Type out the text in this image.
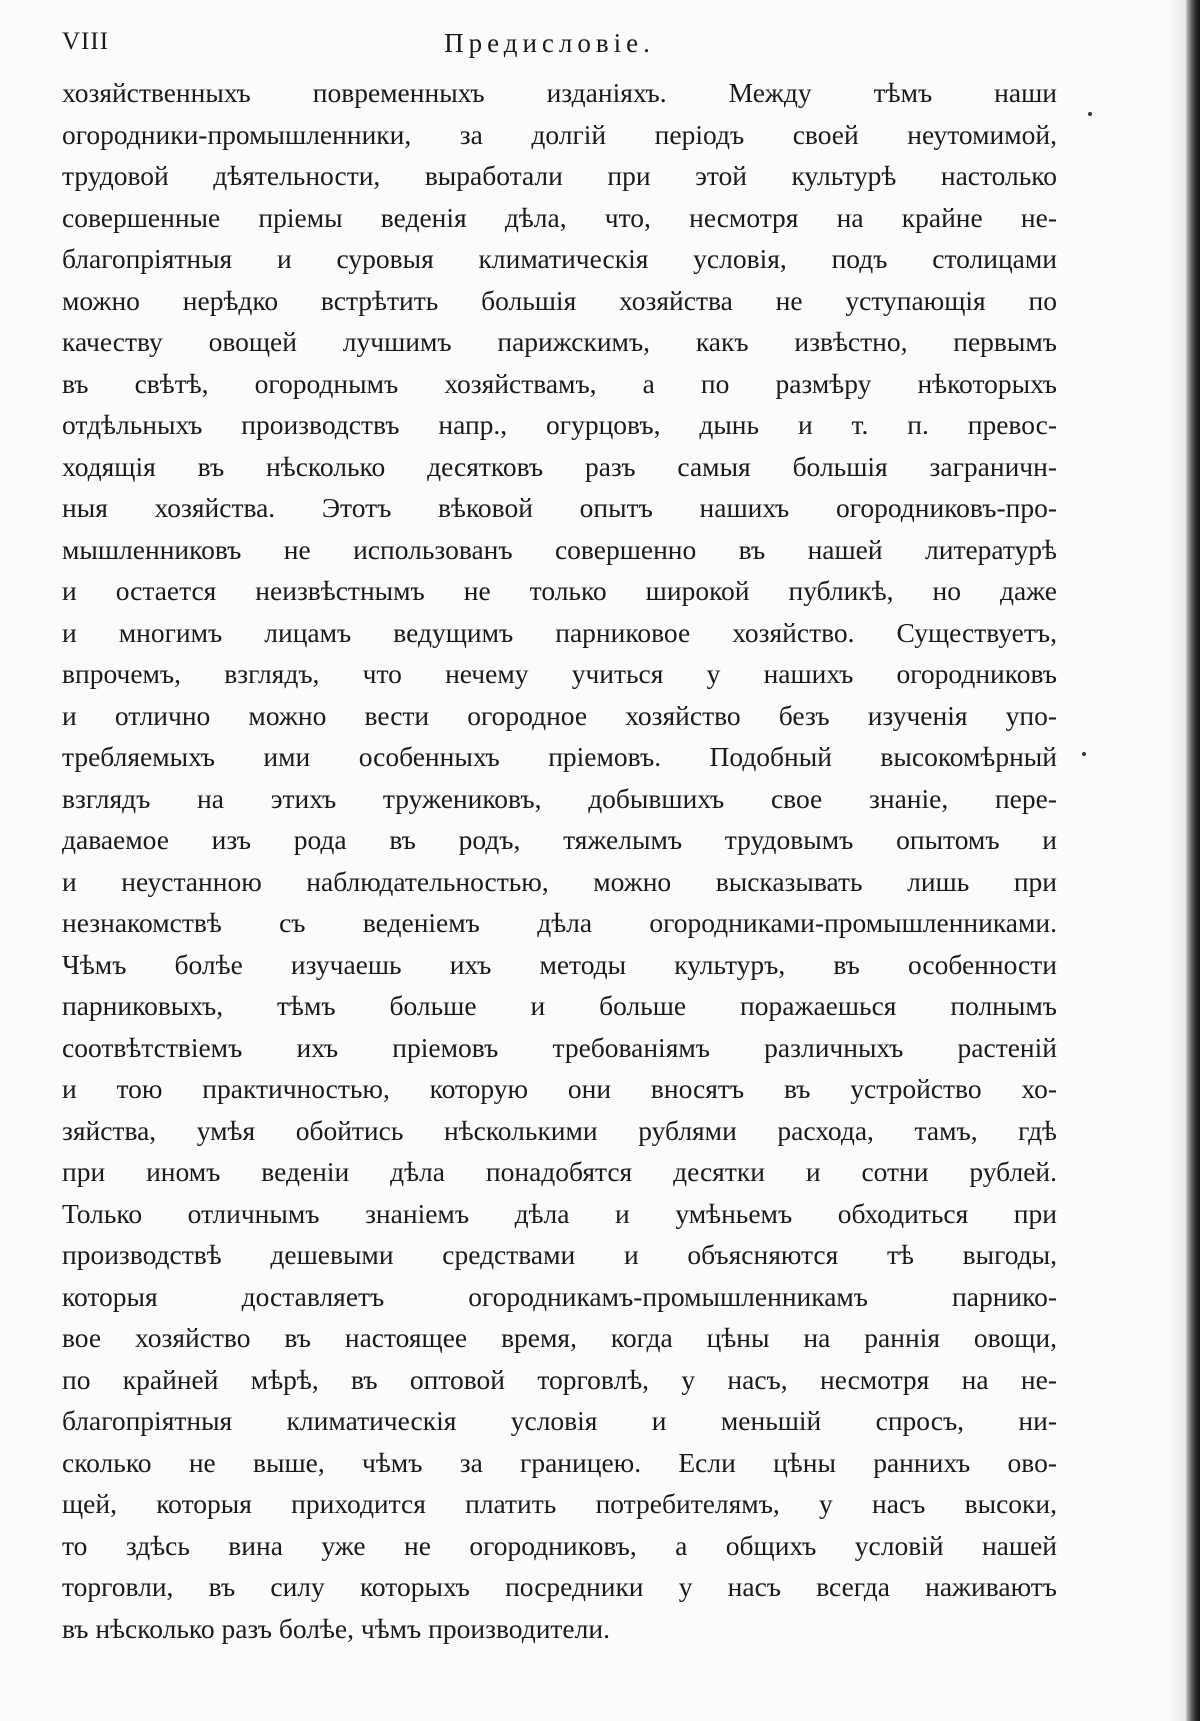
VIII	Предисловіе.
хозяйственныхъ повременныхъ изданіяхъ. Между тѣмъ наши
огородники-промышленники, за долгій періодъ своей неутомимой,
трудовой дѣятельности, выработали при этой культурѣ настолько
совершенные пріемы веденія дѣла, что, несмотря на крайне не-
благопріятныя и суровыя климатическія условія, подъ столицами
можно нерѣдко встрѣтить большія хозяйства не уступающія по
качеству овощей лучшимъ парижскимъ, какъ извѣстно, первымъ
въ свѣтѣ, огороднымъ хозяйствамъ, а по размѣру нѣкоторыхъ
отдѣльныхъ производствъ напр., огурцовъ, дынь и т. п. превос-
ходящія въ нѣсколько десятковъ разъ самыя большія заграничн-
ныя хозяйства. Этотъ вѣковой опытъ нашихъ огородниковъ-про-
мышленниковъ не использованъ совершенно въ нашей литературѣ
и остается неизвѣстнымъ не только широкой публикѣ, но даже
и многимъ лицамъ ведущимъ парниковое хозяйство. Существуетъ,
впрочемъ, взглядъ, что нечему учиться у нашихъ огородниковъ
и отлично можно вести огородное хозяйство безъ изученія упо-
требляемыхъ ими особенныхъ пріемовъ. Подобный высокомѣрный
взглядъ на этихъ тружениковъ, добывшихъ свое знаніе, пере-
даваемое изъ рода въ родъ, тяжелымъ трудовымъ опытомъ и
и неустанною наблюдательностью, можно высказывать лишь при
незнакомствѣ съ веденіемъ дѣла огородниками-промышленниками.
Чѣмъ болѣе изучаешь ихъ методы культуръ, въ особенности
парниковыхъ, тѣмъ больше и больше поражаешься полнымъ
соотвѣтствіемъ ихъ пріемовъ требованіямъ различныхъ растеній
и тою практичностью, которую они вносятъ въ устройство хо-
зяйства, умѣя обойтись нѣсколькими рублями расхода, тамъ, гдѣ
при иномъ веденіи дѣла понадобятся десятки и сотни рублей.
Только отличнымъ знаніемъ дѣла и умѣньемъ обходиться при
производствѣ дешевыми средствами и объясняются тѣ выгоды,
которыя доставляетъ огородникамъ-промышленникамъ парнико-
вое хозяйство въ настоящее время, когда цѣны на раннія овощи,
по крайней мѣрѣ, въ оптовой торговлѣ, у насъ, несмотря на не-
благопріятныя климатическія условія и меньшій спросъ, ни-
сколько не выше, чѣмъ за границею. Если цѣны раннихъ ово-
щей, которыя приходится платить потребителямъ, у насъ высоки,
то здѣсь вина уже не огородниковъ, а общихъ условій нашей
торговли, въ силу которыхъ посредники у насъ всегда наживаютъ
въ нѣсколько разъ болѣе, чѣмъ производители.
